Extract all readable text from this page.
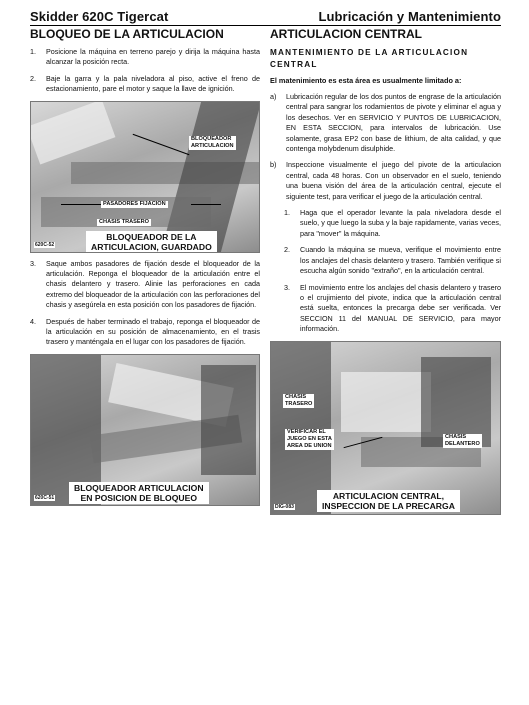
Skidder 620C Tigercat	Lubricación y Mantenimiento
BLOQUEO DE LA ARTICULACION
1.	Posicione la máquina en terreno parejo y dirija la máquina hasta alcanzar la posición recta.
2.	Baje la garra y la pala niveladora al piso, active el freno de estacionamiento, pare el motor y saque la llave de ignición.
BLOQUEADOR
ARTICULACION
PASADORES FIJACION
CHASIS TRASERO
BLOQUEADOR DE LA
ARTICULACION, GUARDADO
620C-52
3.	Saque ambos pasadores de fijación desde el bloqueador de la articulación. Reponga el bloqueador de la articulación entre el chasis delantero y trasero. Alinie las perforaciones en cada extremo del bloqueador de la articulación con las perforaciones del chasis y asegúrela en esta posición con los pasadores de fijación.
4.	Después de haber terminado el trabajo, reponga el bloqueador de la articulación en su posición de almacenamiento, en el trasis trasero y manténgala en el lugar con los pasadores de fijación.
BLOQUEADOR ARTICULACION
EN POSICION DE BLOQUEO
620C-51
ARTICULACION CENTRAL
MANTENIMIENTO DE LA ARTICULACION CENTRAL
El matenimiento es esta área es usualmente limitado a:
a)	Lubricación regular de los dos puntos de engrase de la articulación central para sangrar los rodamientos de pivote y eliminar el agua y los desechos. Ver en SERVICIO Y PUNTOS DE LUBRICACION, EN ESTA SECCION, para intervalos de lubricación. Use solamente, grasa EP2 con base de lithium, de alta calidad, y que contenga molybdenum disulphide.
b)	Inspeccione visualmente el juego del pivote de la articulacion central, cada 48 horas. Con un observador en el suelo, teniendo una buena visión del área de la articulación central, ejecute el siguiente test, para verificar el juego de la articulación central.
1.	Haga que el operador levante la pala niveladora desde el suelo, y que luego la suba y la baje rapidamente, varias veces, para "mover" la máquina.
2.	Cuando la máquina se mueva, verifique el movimiento entre los anclajes del chasis delantero y trasero. También verifique si escucha algún sonido "extraño", en la articulación central.
3.	El movimiento entre los anclajes del chasis delantero y trasero o el crujimiento del pivote, indica que la articulación central está suelta, entonces la precarga debe ser verificada. Ver SECCION 11 del MANUAL DE SERVICIO, para mayor información.
CHASIS
TRASERO
VERIFICAR EL
JUEGO EN ESTA
AREA DE UNION
CHASIS
DELANTERO
ARTICULACION CENTRAL,
INSPECCION DE LA PRECARGA
DIG-083
